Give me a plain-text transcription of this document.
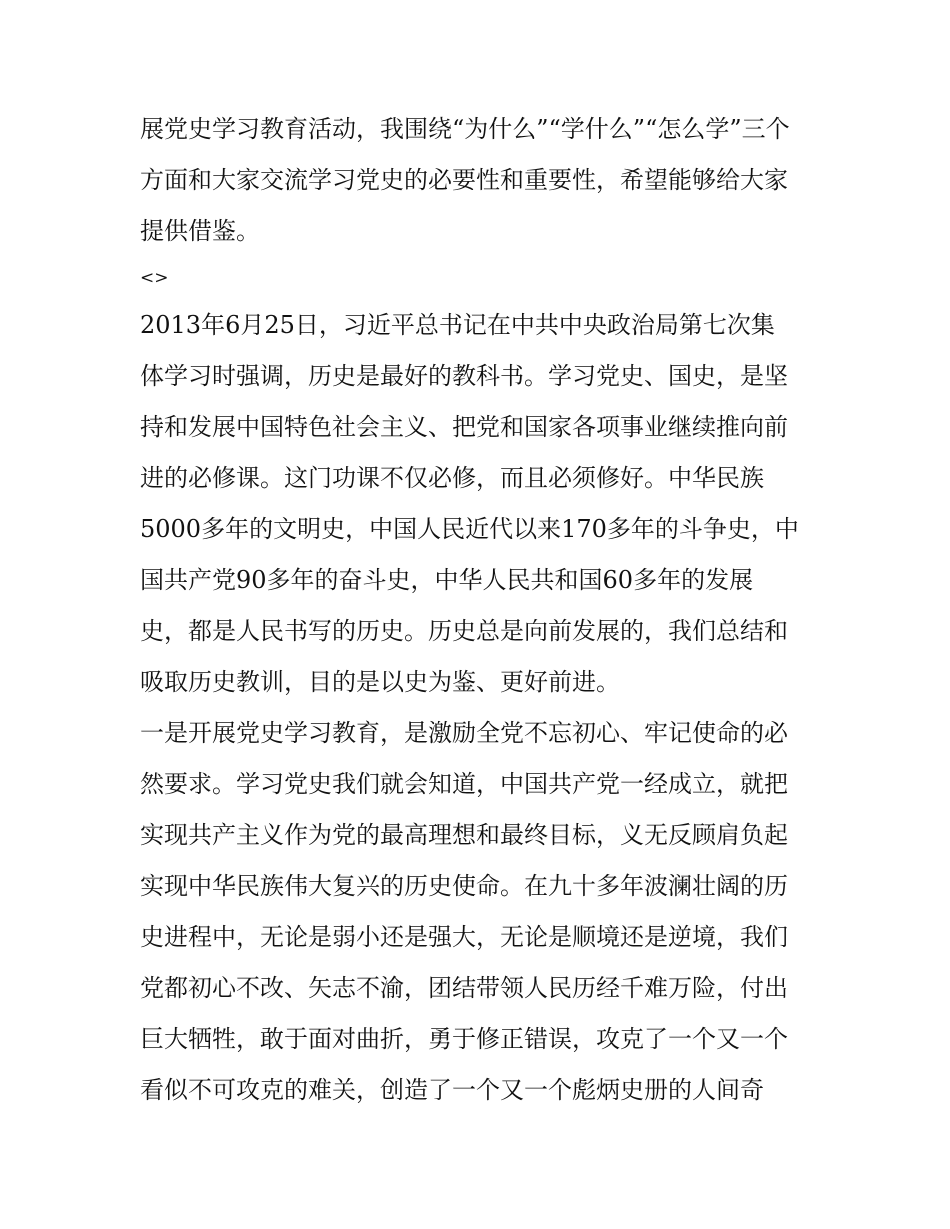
展党史学习教育活动，我围绕“为什么”“学什么”“怎么学”三个
方面和大家交流学习党史的必要性和重要性，希望能够给大家
提供借鉴。
<>
2013年6月25日，习近平总书记在中共中央政治局第七次集
体学习时强调，历史是最好的教科书。学习党史、国史，是坚
持和发展中国特色社会主义、把党和国家各项事业继续推向前
进的必修课。这门功课不仅必修，而且必须修好。中华民族
5000多年的文明史，中国人民近代以来170多年的斗争史，中
国共产党90多年的奋斗史，中华人民共和国60多年的发展
史，都是人民书写的历史。历史总是向前发展的，我们总结和
吸取历史教训，目的是以史为鉴、更好前进。
一是开展党史学习教育，是激励全党不忘初心、牢记使命的必
然要求。学习党史我们就会知道，中国共产党一经成立，就把
实现共产主义作为党的最高理想和最终目标，义无反顾肩负起
实现中华民族伟大复兴的历史使命。在九十多年波澜壮阔的历
史进程中，无论是弱小还是强大，无论是顺境还是逆境，我们
党都初心不改、矢志不渝，团结带领人民历经千难万险，付出
巨大牺牲，敢于面对曲折，勇于修正错误，攻克了一个又一个
看似不可攻克的难关，创造了一个又一个彪炳史册的人间奇
